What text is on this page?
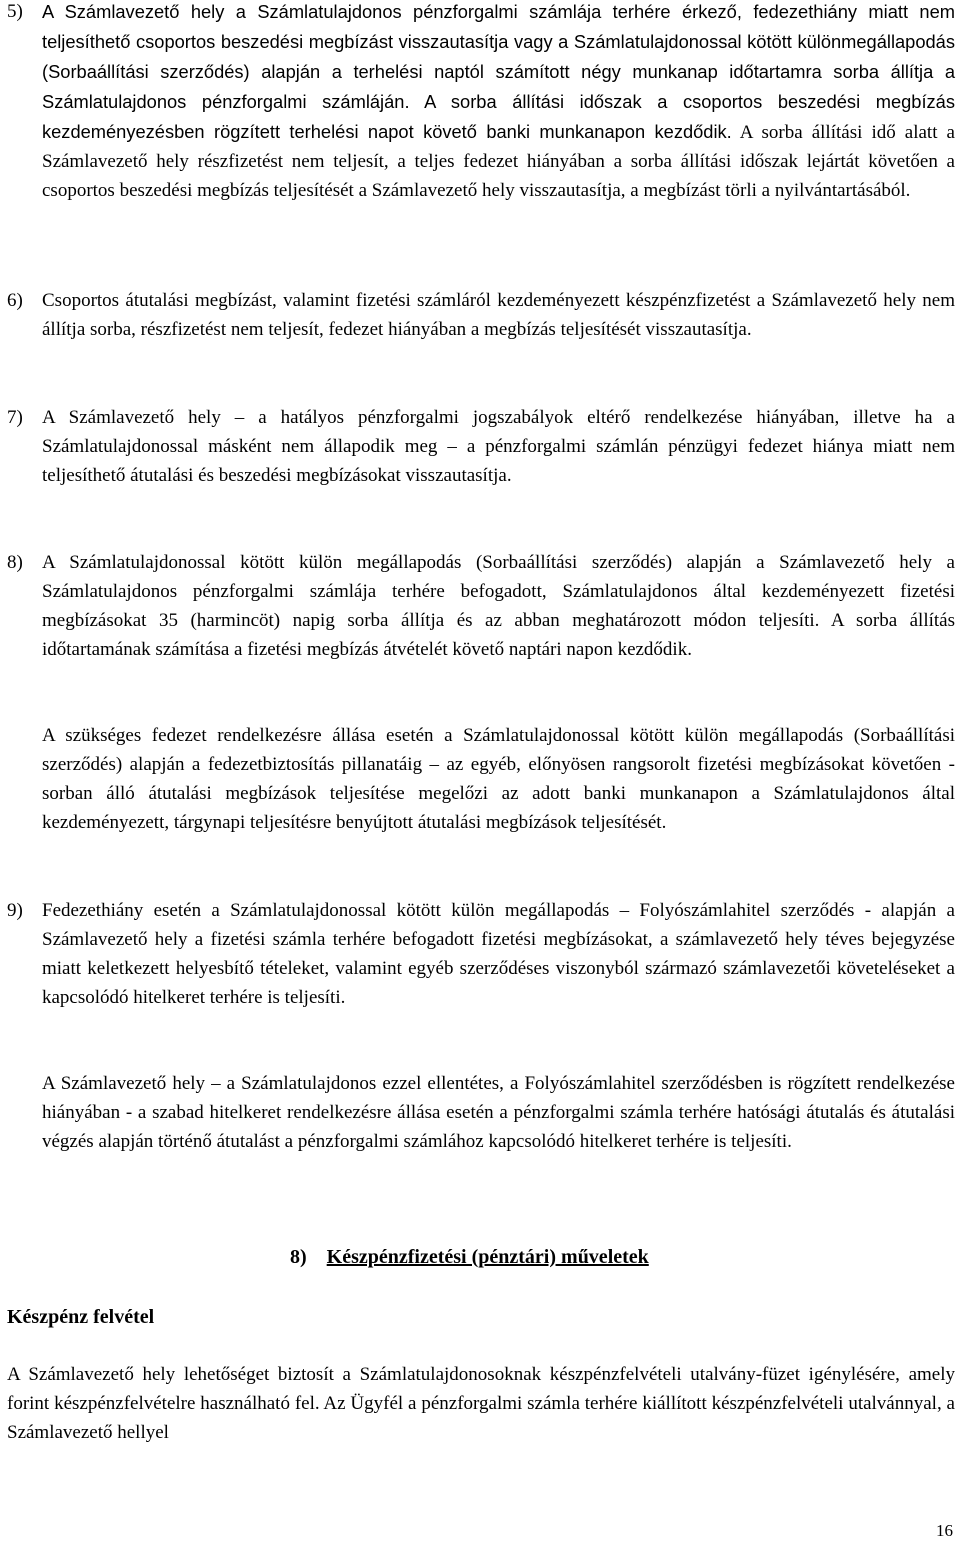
5)	A Számlavezető hely a Számlatulajdonos pénzforgalmi számlája terhére érkező, fedezethiány miatt nem teljesíthető csoportos beszedési megbízást visszautasítja vagy a Számlatulajdonossal kötött különmegállapodás (Sorbaállítási szerződés) alapján a terhelési naptól számított négy munkanap időtartamra sorba állítja a Számlatulajdonos pénzforgalmi számláján. A sorba állítási időszak a csoportos beszedési megbízás kezdeményezésben rögzített terhelési napot követő banki munkanapon kezdődik. A sorba állítási idő alatt a Számlavezető hely részfizetést nem teljesít, a teljes fedezet hiányában a sorba állítási időszak lejártát követően a csoportos beszedési megbízás teljesítését a Számlavezető hely visszautasítja, a megbízást törli a nyilvántartásából.

6)	Csoportos átutalási megbízást, valamint fizetési számláról kezdeményezett készpénzfizetést a Számlavezető hely nem állítja sorba, részfizetést nem teljesít, fedezet hiányában a megbízás teljesítését visszautasítja.

7)	A Számlavezető hely – a hatályos pénzforgalmi jogszabályok eltérő rendelkezése hiányában, illetve ha a Számlatulajdonossal másként nem állapodik meg – a pénzforgalmi számlán pénzügyi fedezet hiánya miatt nem teljesíthető átutalási és beszedési megbízásokat visszautasítja.

8)	A Számlatulajdonossal kötött külön megállapodás (Sorbaállítási szerződés) alapján a Számlavezető hely a Számlatulajdonos pénzforgalmi számlája terhére befogadott, Számlatulajdonos által kezdeményezett fizetési megbízásokat 35 (harmincöt) napig sorba állítja és az abban meghatározott módon teljesíti. A sorba állítás időtartamának számítása a fizetési megbízás átvételét követő naptári napon kezdődik.

A szükséges fedezet rendelkezésre állása esetén a Számlatulajdonossal kötött külön megállapodás (Sorbaállítási szerződés) alapján a fedezetbiztosítás pillanatáig – az egyéb, előnyösen rangsorolt fizetési megbízásokat követően - sorban álló átutalási megbízások teljesítése megelőzi az adott banki munkanapon a Számlatulajdonos által kezdeményezett, tárgynapi teljesítésre benyújtott átutalási megbízások teljesítését.

9)	Fedezethiány esetén a Számlatulajdonossal kötött külön megállapodás – Folyószámlahitel szerződés - alapján a Számlavezető hely a fizetési számla terhére befogadott fizetési megbízásokat, a számlavezető hely téves bejegyzése miatt keletkezett helyesbítő tételeket, valamint egyéb szerződéses viszonyból származó számlavezetői követeléseket a kapcsolódó hitelkeret terhére is teljesíti.

A Számlavezető hely – a Számlatulajdonos ezzel ellentétes, a Folyószámlahitel szerződésben is rögzített rendelkezése hiányában - a szabad hitelkeret rendelkezésre állása esetén a pénzforgalmi számla terhére hatósági átutalás és átutalási végzés alapján történő átutalást a pénzforgalmi számlához kapcsolódó hitelkeret terhére is teljesíti.

8) Készpénzfizetési (pénztári) műveletek
Készpénz felvétel

A Számlavezető hely lehetőséget biztosít a Számlatulajdonosoknak készpénzfelvételi utalvány-füzet igénylésére, amely forint készpénzfelvételre használható fel. Az Ügyfél a pénzforgalmi számla terhére kiállított készpénzfelvételi utalvánnyal, a Számlavezető hellyel

16
